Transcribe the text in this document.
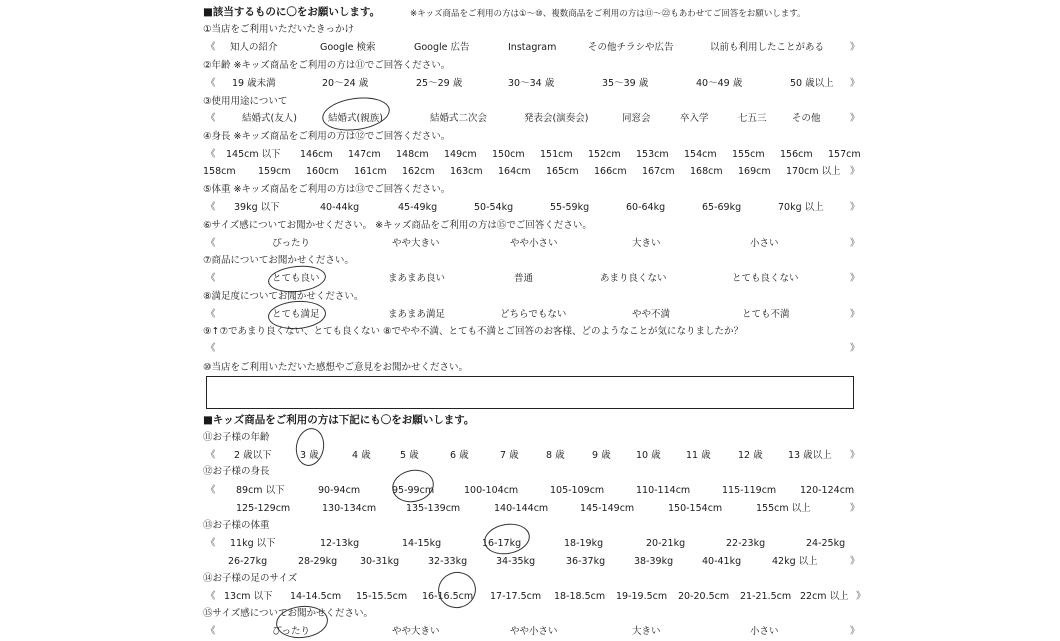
■該当するものに〇をお願いします。	※キッズ商品をご利用の方は①〜⑩、複数商品をご利用の方は⑪〜㉒もあわせてご回答をお願いします。
①当店をご利用いただいたきっかけ
《 知人の紹介	Google 検索	Google 広告	Instagram	その他チラシや広告	以前も利用したことがある	》
②年齢 ※キッズ商品をご利用の方は⑪でご回答ください。
《 19 歳未満	20〜24 歳	25〜29 歳	30〜34 歳	35〜39 歳	40〜49 歳	50 歳以上 》
③使用用途について
《	結婚式(友人)	結婚式(親族)	結婚式二次会	発表会(演奏会)	同窓会	卒入学	七五三	その他	》
④身長 ※キッズ商品をご利用の方は⑫でご回答ください。
《 145cm 以下 146cm 147cm 148cm 149cm 150cm 151cm 152cm 153cm 154cm 155cm 156cm 157cm
158cm 159cm 160cm 161cm 162cm 163cm 164cm 165cm 166cm 167cm 168cm 169cm 170cm 以上 》
⑤体重 ※キッズ商品をご利用の方は⑬でご回答ください。
《 39kg 以下	40-44kg	45-49kg	50-54kg	55-59kg	60-64kg	65-69kg	70kg 以上	》
⑥サイズ感についてお聞かせください。 ※キッズ商品をご利用の方は⑮でご回答ください。
《	ぴったり	やや大きい	やや小さい	大きい	小さい	》
⑦商品についてお聞かせください。
《	とても良い	まあまあ良い	普通	あまり良くない	とても良くない	》
⑧満足度についてお聞かせください。
《	とても満足	まあまあ満足	どちらでもない	やや不満	とても不満	》
⑨↑⑦であまり良くない、とても良くない ⑧でやや不満、とても不満とご回答のお客様、どのようなことが気になりましたか？
《	》
⑩当店をご利用いただいた感想やご意見をお聞かせください。
■キッズ商品をご利用の方は下記にも〇をお願いします。
⑪お子様の年齢
《 2 歳以下	3 歳	4 歳	5 歳	6 歳	7 歳	8 歳	9 歳	10 歳	11 歳	12 歳	13 歳以上 》
⑫お子様の身長
《 89cm 以下	90-94cm	95-99cm	100-104cm	105-109cm	110-114cm	115-119cm	120-124cm
125-129cm	130-134cm	135-139cm	140-144cm	145-149cm	150-154cm	155cm 以上	》
⑬お子様の体重
《 11kg 以下	12-13kg	14-15kg	16-17kg	18-19kg	20-21kg	22-23kg	24-25kg
26-27kg	28-29kg 30-31kg	32-33kg	34-35kg	36-37kg	38-39kg	40-41kg	42kg 以上	》
⑭お子様の足のサイズ
《 13cm 以下 14-14.5cm 15-15.5cm 16-16.5cm 17-17.5cm 18-18.5cm 19-19.5cm 20-20.5cm 21-21.5cm 22cm 以上 》
⑮サイズ感についてお聞かせください。
《	ぴったり	やや大きい	やや小さい	大きい	小さい	》
